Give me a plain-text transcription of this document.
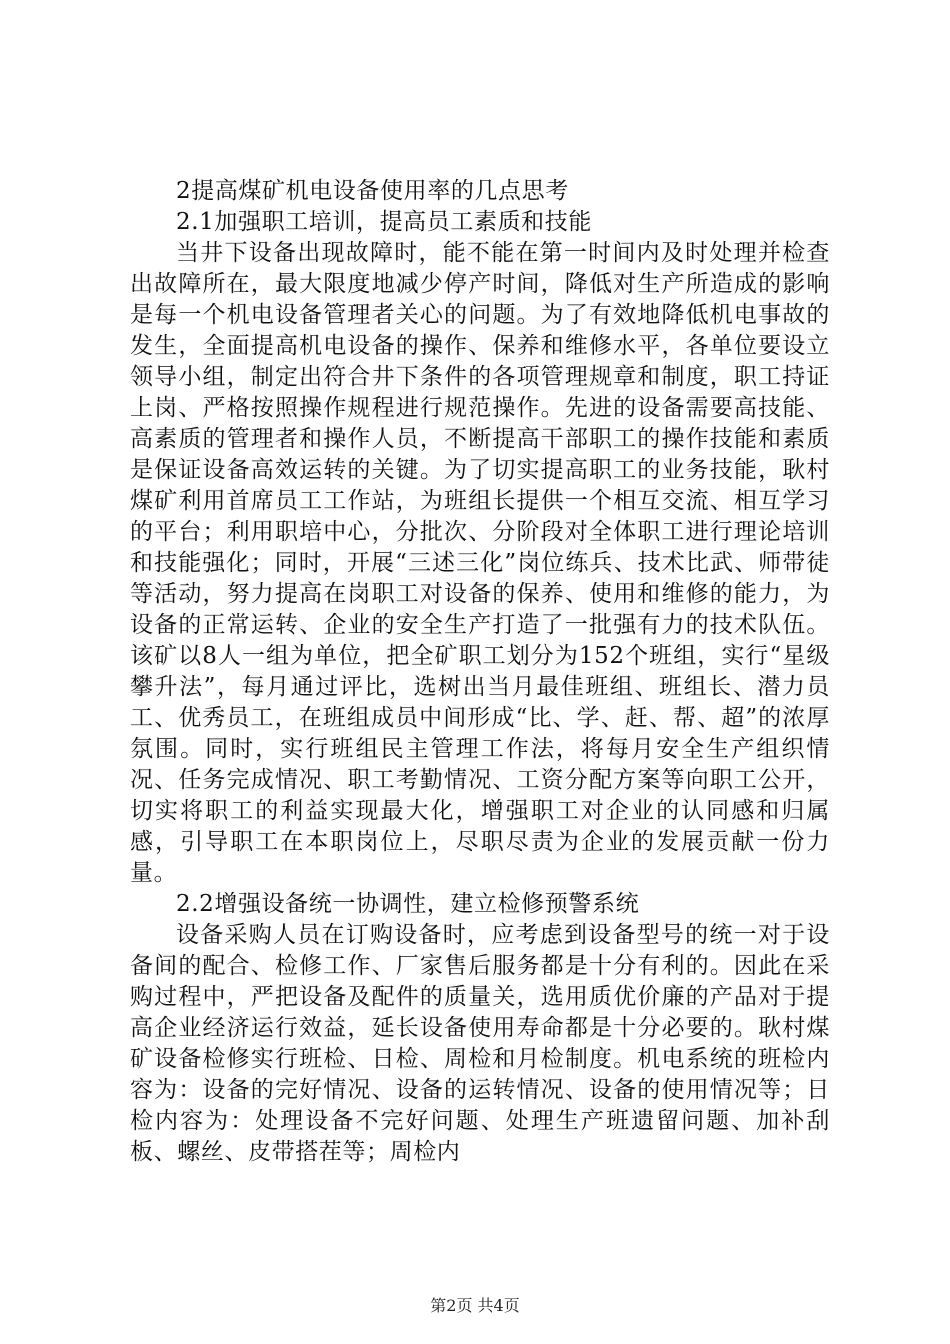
2提高煤矿机电设备使用率的几点思考

2.1加强职工培训，提高员工素质和技能

当井下设备出现故障时，能不能在第一时间内及时处理并检查出故障所在，最大限度地减少停产时间，降低对生产所造成的影响是每一个机电设备管理者关心的问题。为了有效地降低机电事故的发生，全面提高机电设备的操作、保养和维修水平，各单位要设立领导小组，制定出符合井下条件的各项管理规章和制度，职工持证上岗、严格按照操作规程进行规范操作。先进的设备需要高技能、高素质的管理者和操作人员，不断提高干部职工的操作技能和素质是保证设备高效运转的关键。为了切实提高职工的业务技能，耿村煤矿利用首席员工工作站，为班组长提供一个相互交流、相互学习的平台；利用职培中心，分批次、分阶段对全体职工进行理论培训和技能强化；同时，开展“三述三化”岗位练兵、技术比武、师带徒等活动，努力提高在岗职工对设备的保养、使用和维修的能力，为设备的正常运转、企业的安全生产打造了一批强有力的技术队伍。该矿以8人一组为单位，把全矿职工划分为152个班组，实行“星级攀升法”，每月通过评比，选树出当月最佳班组、班组长、潜力员工、优秀员工，在班组成员中间形成“比、学、赶、帮、超”的浓厚氛围。同时，实行班组民主管理工作法，将每月安全生产组织情况、任务完成情况、职工考勤情况、工资分配方案等向职工公开，切实将职工的利益实现最大化，增强职工对企业的认同感和归属感，引导职工在本职岗位上，尽职尽责为企业的发展贡献一份力量。

2.2增强设备统一协调性，建立检修预警系统

设备采购人员在订购设备时，应考虑到设备型号的统一对于设备间的配合、检修工作、厂家售后服务都是十分有利的。因此在采购过程中，严把设备及配件的质量关，选用质优价廉的产品对于提高企业经济运行效益，延长设备使用寿命都是十分必要的。耿村煤矿设备检修实行班检、日检、周检和月检制度。机电系统的班检内容为：设备的完好情况、设备的运转情况、设备的使用情况等；日检内容为：处理设备不完好问题、处理生产班遗留问题、加补刮板、螺丝、皮带搭茬等；周检内

第2页 共4页
